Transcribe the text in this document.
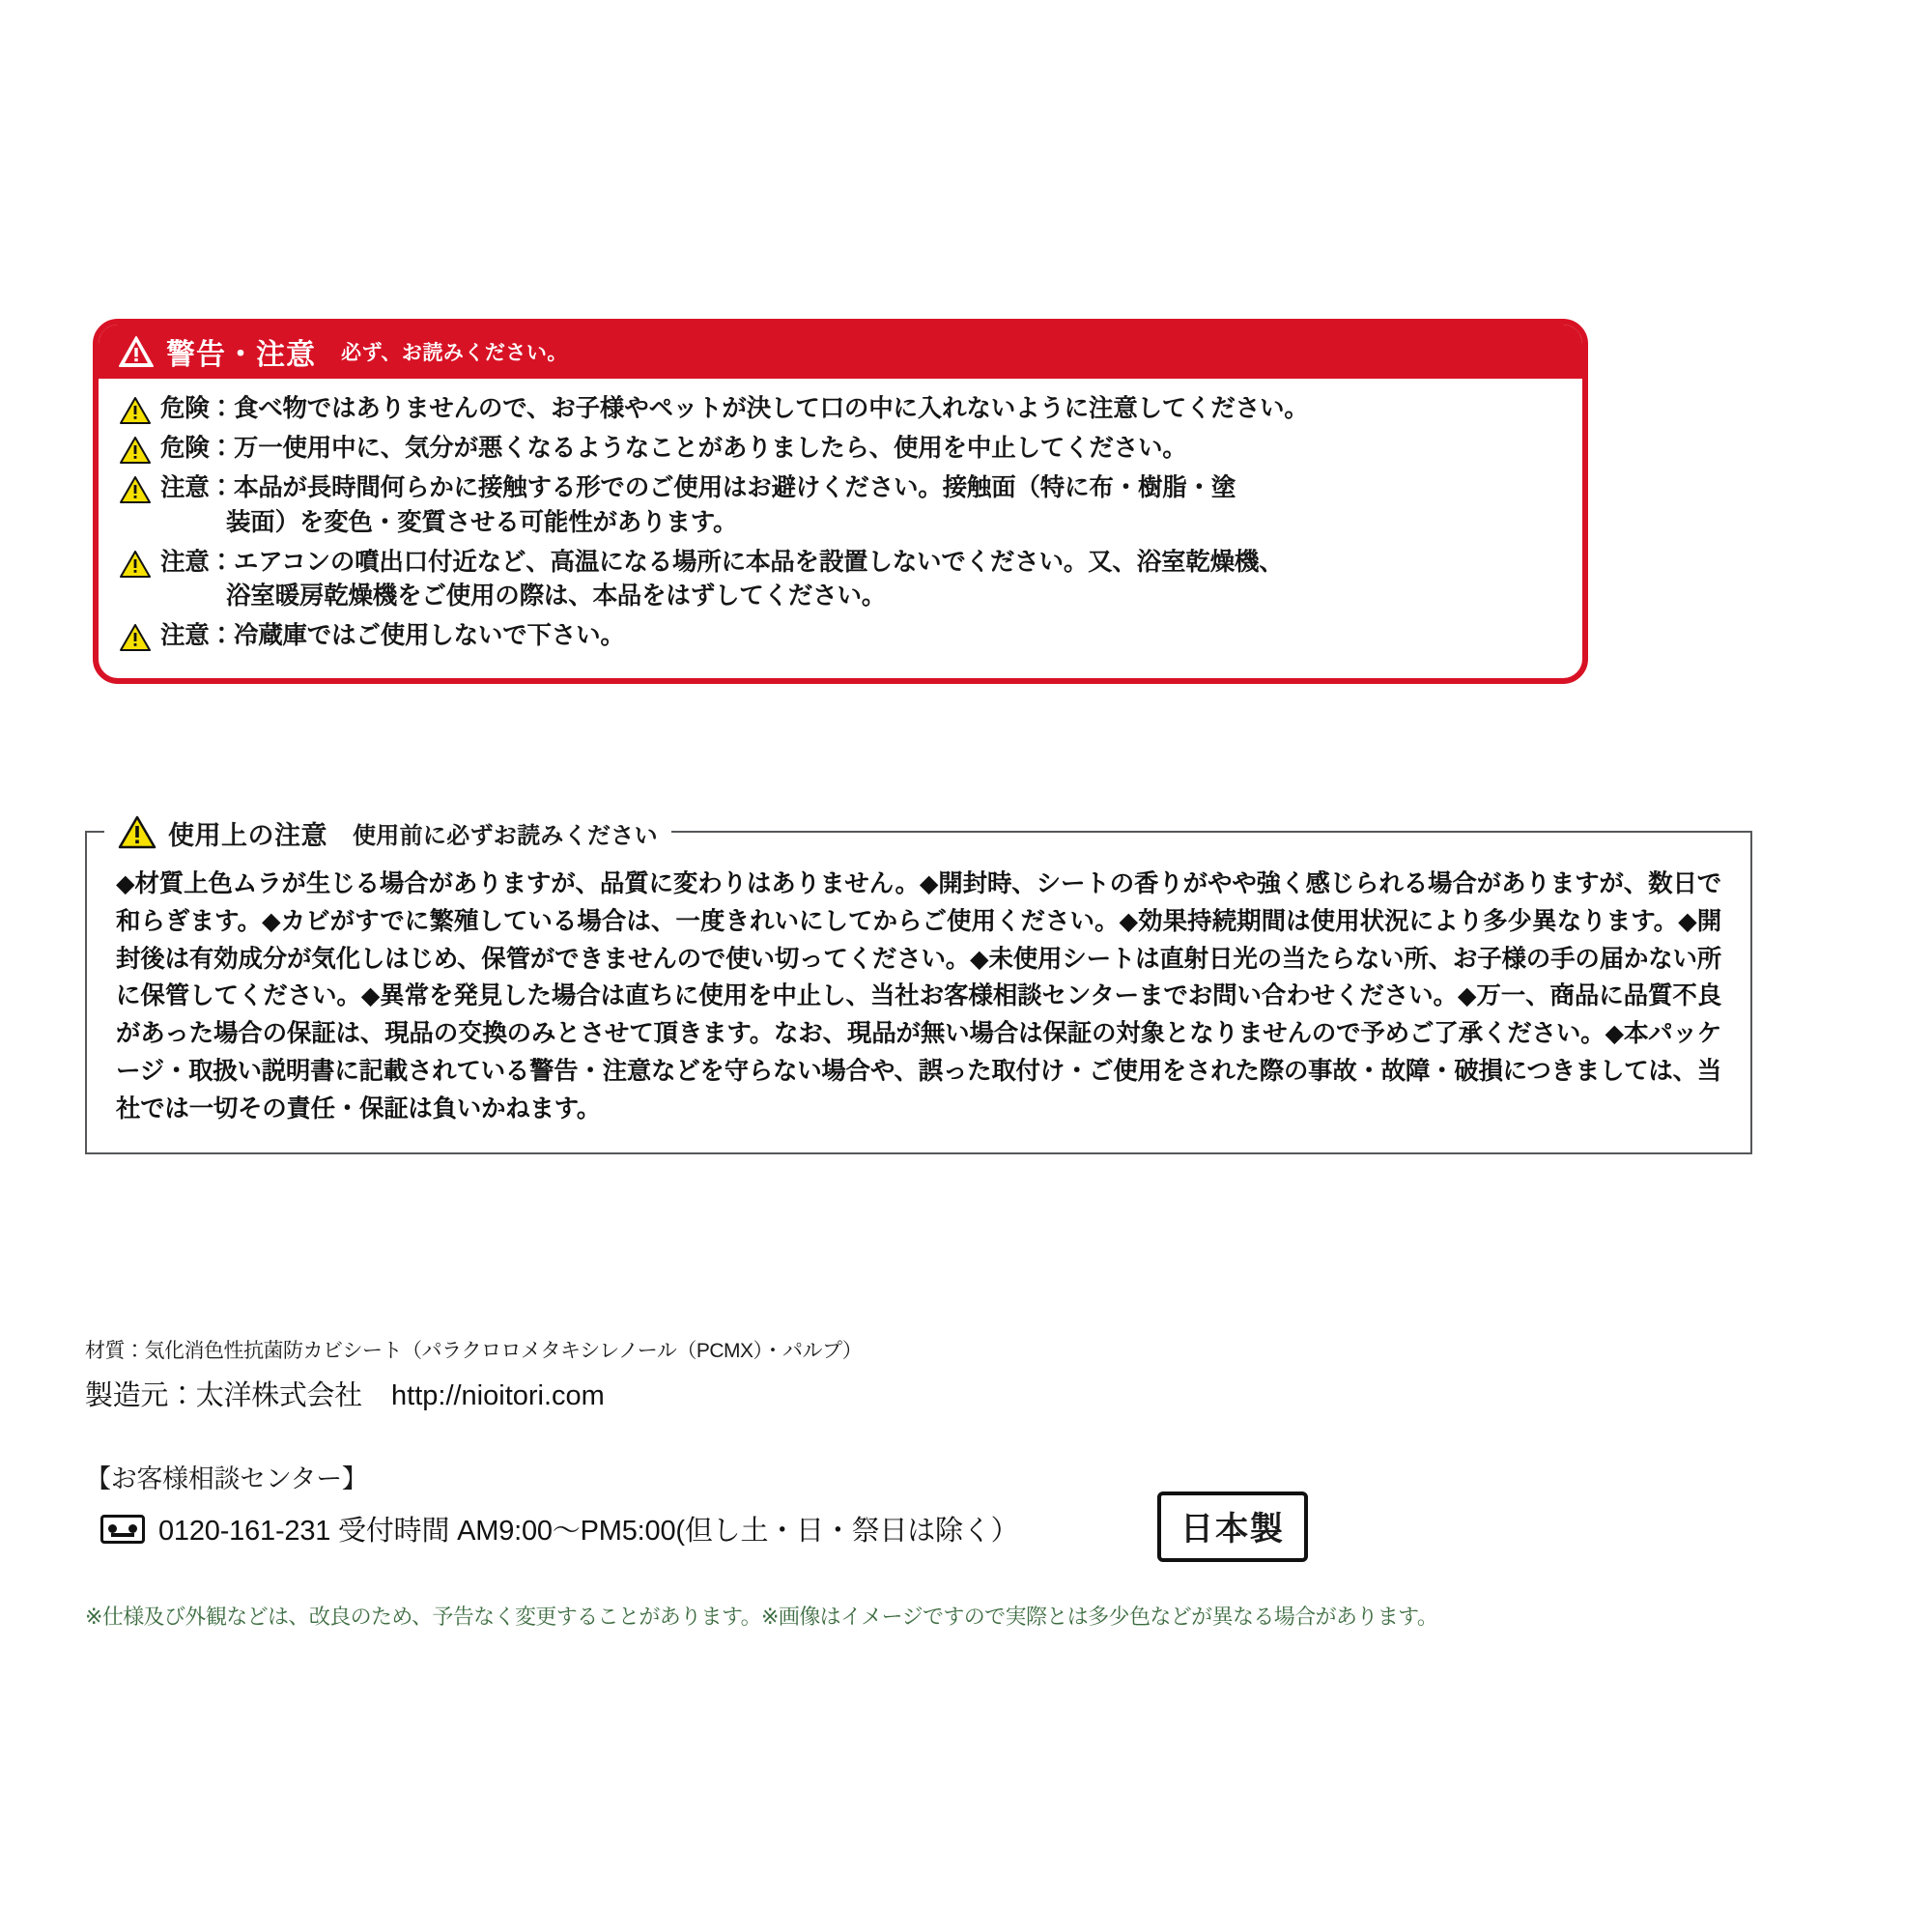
警告・注意 必ず、お読みください。
危険：食べ物ではありませんので、お子様やペットが決して口の中に入れないように注意してください。
危険：万一使用中に、気分が悪くなるようなことがありましたら、使用を中止してください。
注意：本品が長時間何らかに接触する形でのご使用はお避けください。接触面（特に布・樹脂・塗
装面）を変色・変質させる可能性があります。
注意：エアコンの噴出口付近など、高温になる場所に本品を設置しないでください。又、浴室乾燥機、
浴室暖房乾燥機をご使用の際は、本品をはずしてください。
注意：冷蔵庫ではご使用しないで下さい。
使用上の注意 使用前に必ずお読みください

◆材質上色ムラが生じる場合がありますが、品質に変わりはありません。◆開封時、シートの香りがやや強く感じられる場合がありますが、数日で和らぎます。◆カビがすでに繁殖している場合は、一度きれいにしてからご使用ください。◆効果持続期間は使用状況により多少異なります。◆開封後は有効成分が気化しはじめ、保管ができませんので使い切ってください。◆未使用シートは直射日光の当たらない所、お子様の手の届かない所に保管してください。◆異常を発見した場合は直ちに使用を中止し、当社お客様相談センターまでお問い合わせください。◆万一、商品に品質不良があった場合の保証は、現品の交換のみとさせて頂きます。なお、現品が無い場合は保証の対象となりませんので予めご了承ください。◆本パッケージ・取扱い説明書に記載されている警告・注意などを守らない場合や、誤った取付け・ご使用をされた際の事故・故障・破損につきましては、当社では一切その責任・保証は負いかねます。

材質：気化消色性抗菌防カビシート（パラクロロメタキシレノール（PCMX）・パルプ）
製造元：太洋株式会社 http://nioitori.com
【お客様相談センター】
0120-161-231 受付時間 AM9:00〜PM5:00(但し土・日・祭日は除く）	日本製
※仕様及び外観などは、改良のため、予告なく変更することがあります。※画像はイメージですので実際とは多少色などが異なる場合があります。
